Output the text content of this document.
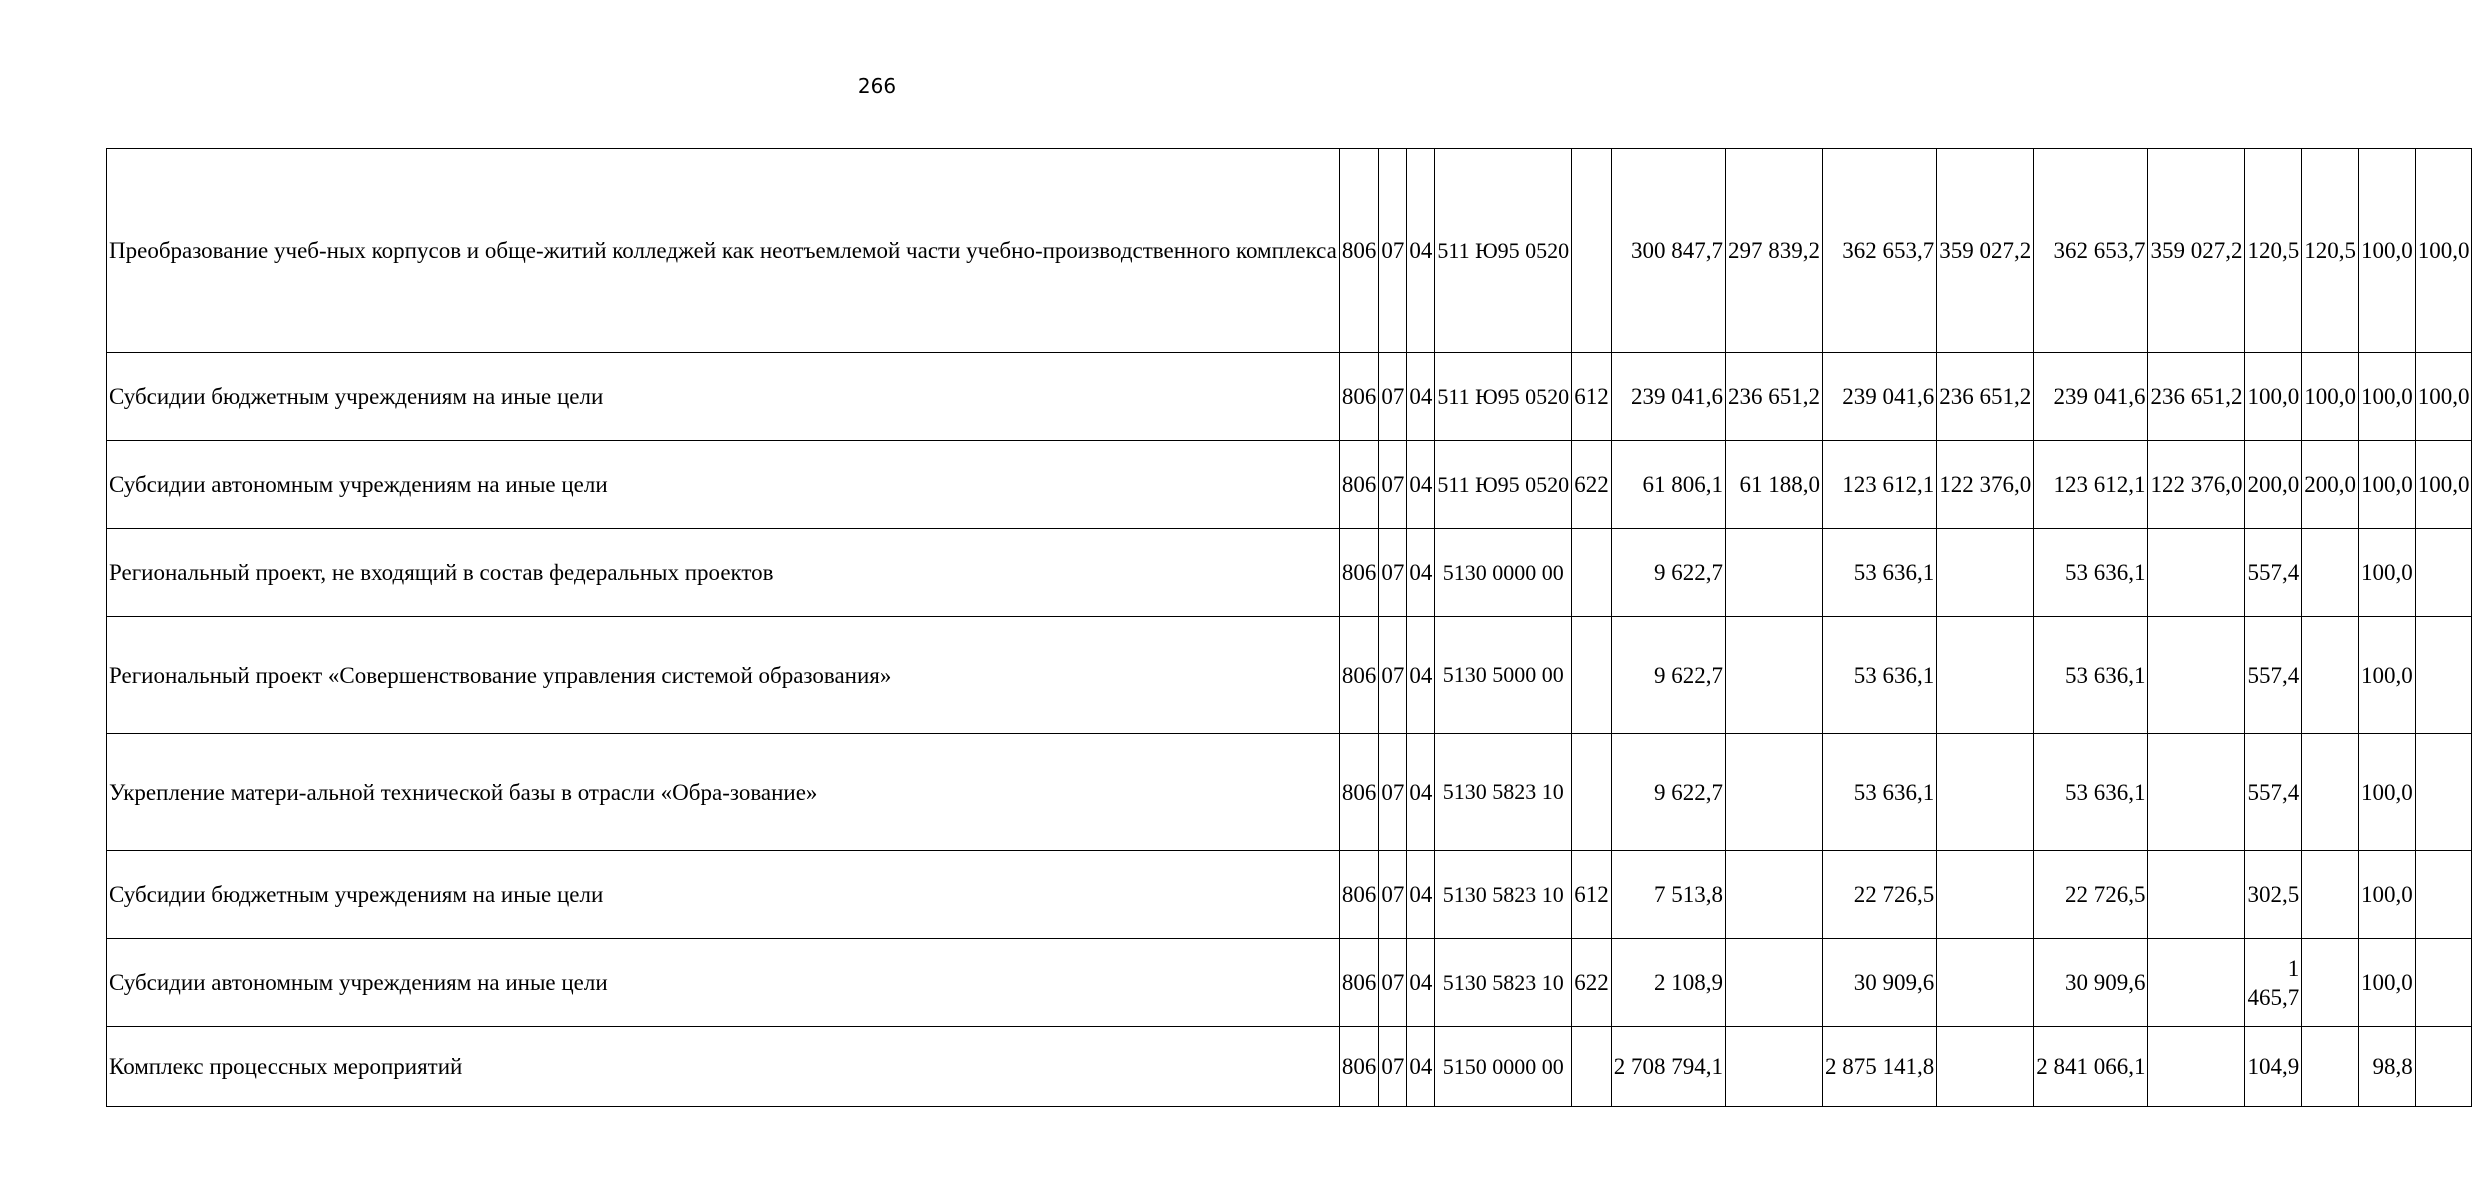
266
Преобразование учеб-ных корпусов и обще-житий колледжей как неотъемлемой части учебно-производственного комплекса	806	07	04	511 Ю95 0520		300 847,7	297 839,2	362 653,7	359 027,2	362 653,7	359 027,2	120,5	120,5	100,0	100,0
Субсидии бюджетным учреждениям на иные цели	806	07	04	511 Ю95 0520	612	239 041,6	236 651,2	239 041,6	236 651,2	239 041,6	236 651,2	100,0	100,0	100,0	100,0
Субсидии автономным учреждениям на иные цели	806	07	04	511 Ю95 0520	622	61 806,1	61 188,0	123 612,1	122 376,0	123 612,1	122 376,0	200,0	200,0	100,0	100,0
Региональный проект, не входящий в состав федеральных проектов	806	07	04	5130 0000 00		9 622,7		53 636,1		53 636,1		557,4		100,0	
Региональный проект «Совершенствование управления системой образования»	806	07	04	5130 5000 00		9 622,7		53 636,1		53 636,1		557,4		100,0	
Укрепление матери-альной технической базы в отрасли «Обра-зование»	806	07	04	5130 5823 10		9 622,7		53 636,1		53 636,1		557,4		100,0	
Субсидии бюджетным учреждениям на иные цели	806	07	04	5130 5823 10	612	7 513,8		22 726,5		22 726,5		302,5		100,0	
Субсидии автономным учреждениям на иные цели	806	07	04	5130 5823 10	622	2 108,9		30 909,6		30 909,6		1 465,7		100,0	
Комплекс процессных мероприятий	806	07	04	5150 0000 00		2 708 794,1		2 875 141,8		2 841 066,1		104,9		98,8	
